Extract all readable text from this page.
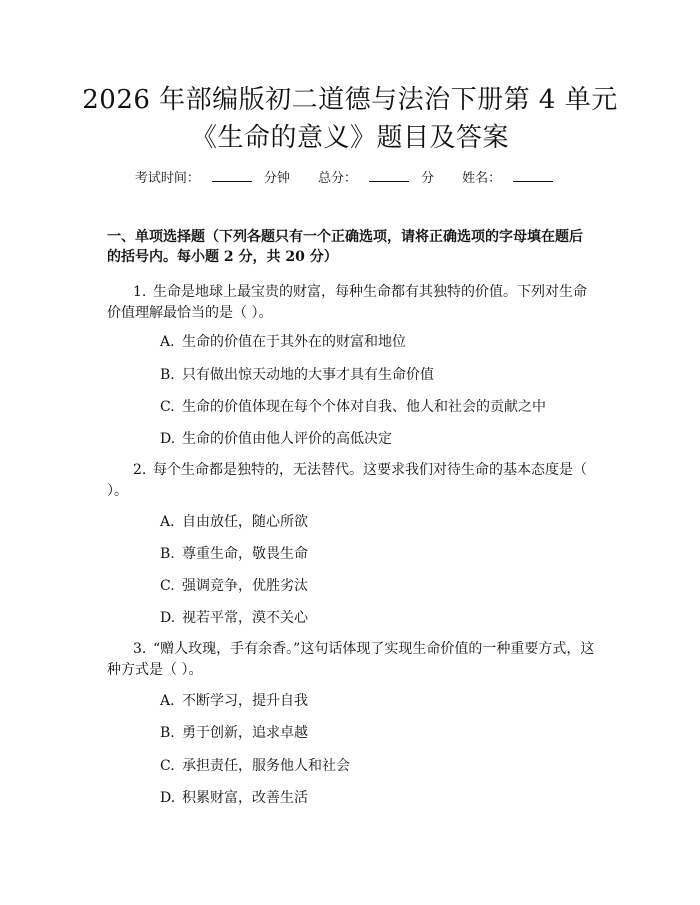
2026 年部编版初二道德与法治下册第 4 单元
《生命的意义》题目及答案
考试时间：	分钟 总分：	分 姓名：
一、单项选择题（下列各题只有一个正确选项，请将正确选项的字母填在题后的括号内。每小题 2 分，共 20 分）
1. 生命是地球上最宝贵的财富，每种生命都有其独特的价值。下列对生命价值理解最恰当的是（ ）。
A. 生命的价值在于其外在的财富和地位
B. 只有做出惊天动地的大事才具有生命价值
C. 生命的价值体现在每个个体对自我、他人和社会的贡献之中
D. 生命的价值由他人评价的高低决定
2. 每个生命都是独特的，无法替代。这要求我们对待生命的基本态度是（ ）。
A. 自由放任，随心所欲
B. 尊重生命，敬畏生命
C. 强调竞争，优胜劣汰
D. 视若平常，漠不关心
3. “赠人玫瑰，手有余香。”这句话体现了实现生命价值的一种重要方式，这种方式是（ ）。
A. 不断学习，提升自我
B. 勇于创新，追求卓越
C. 承担责任，服务他人和社会
D. 积累财富，改善生活
